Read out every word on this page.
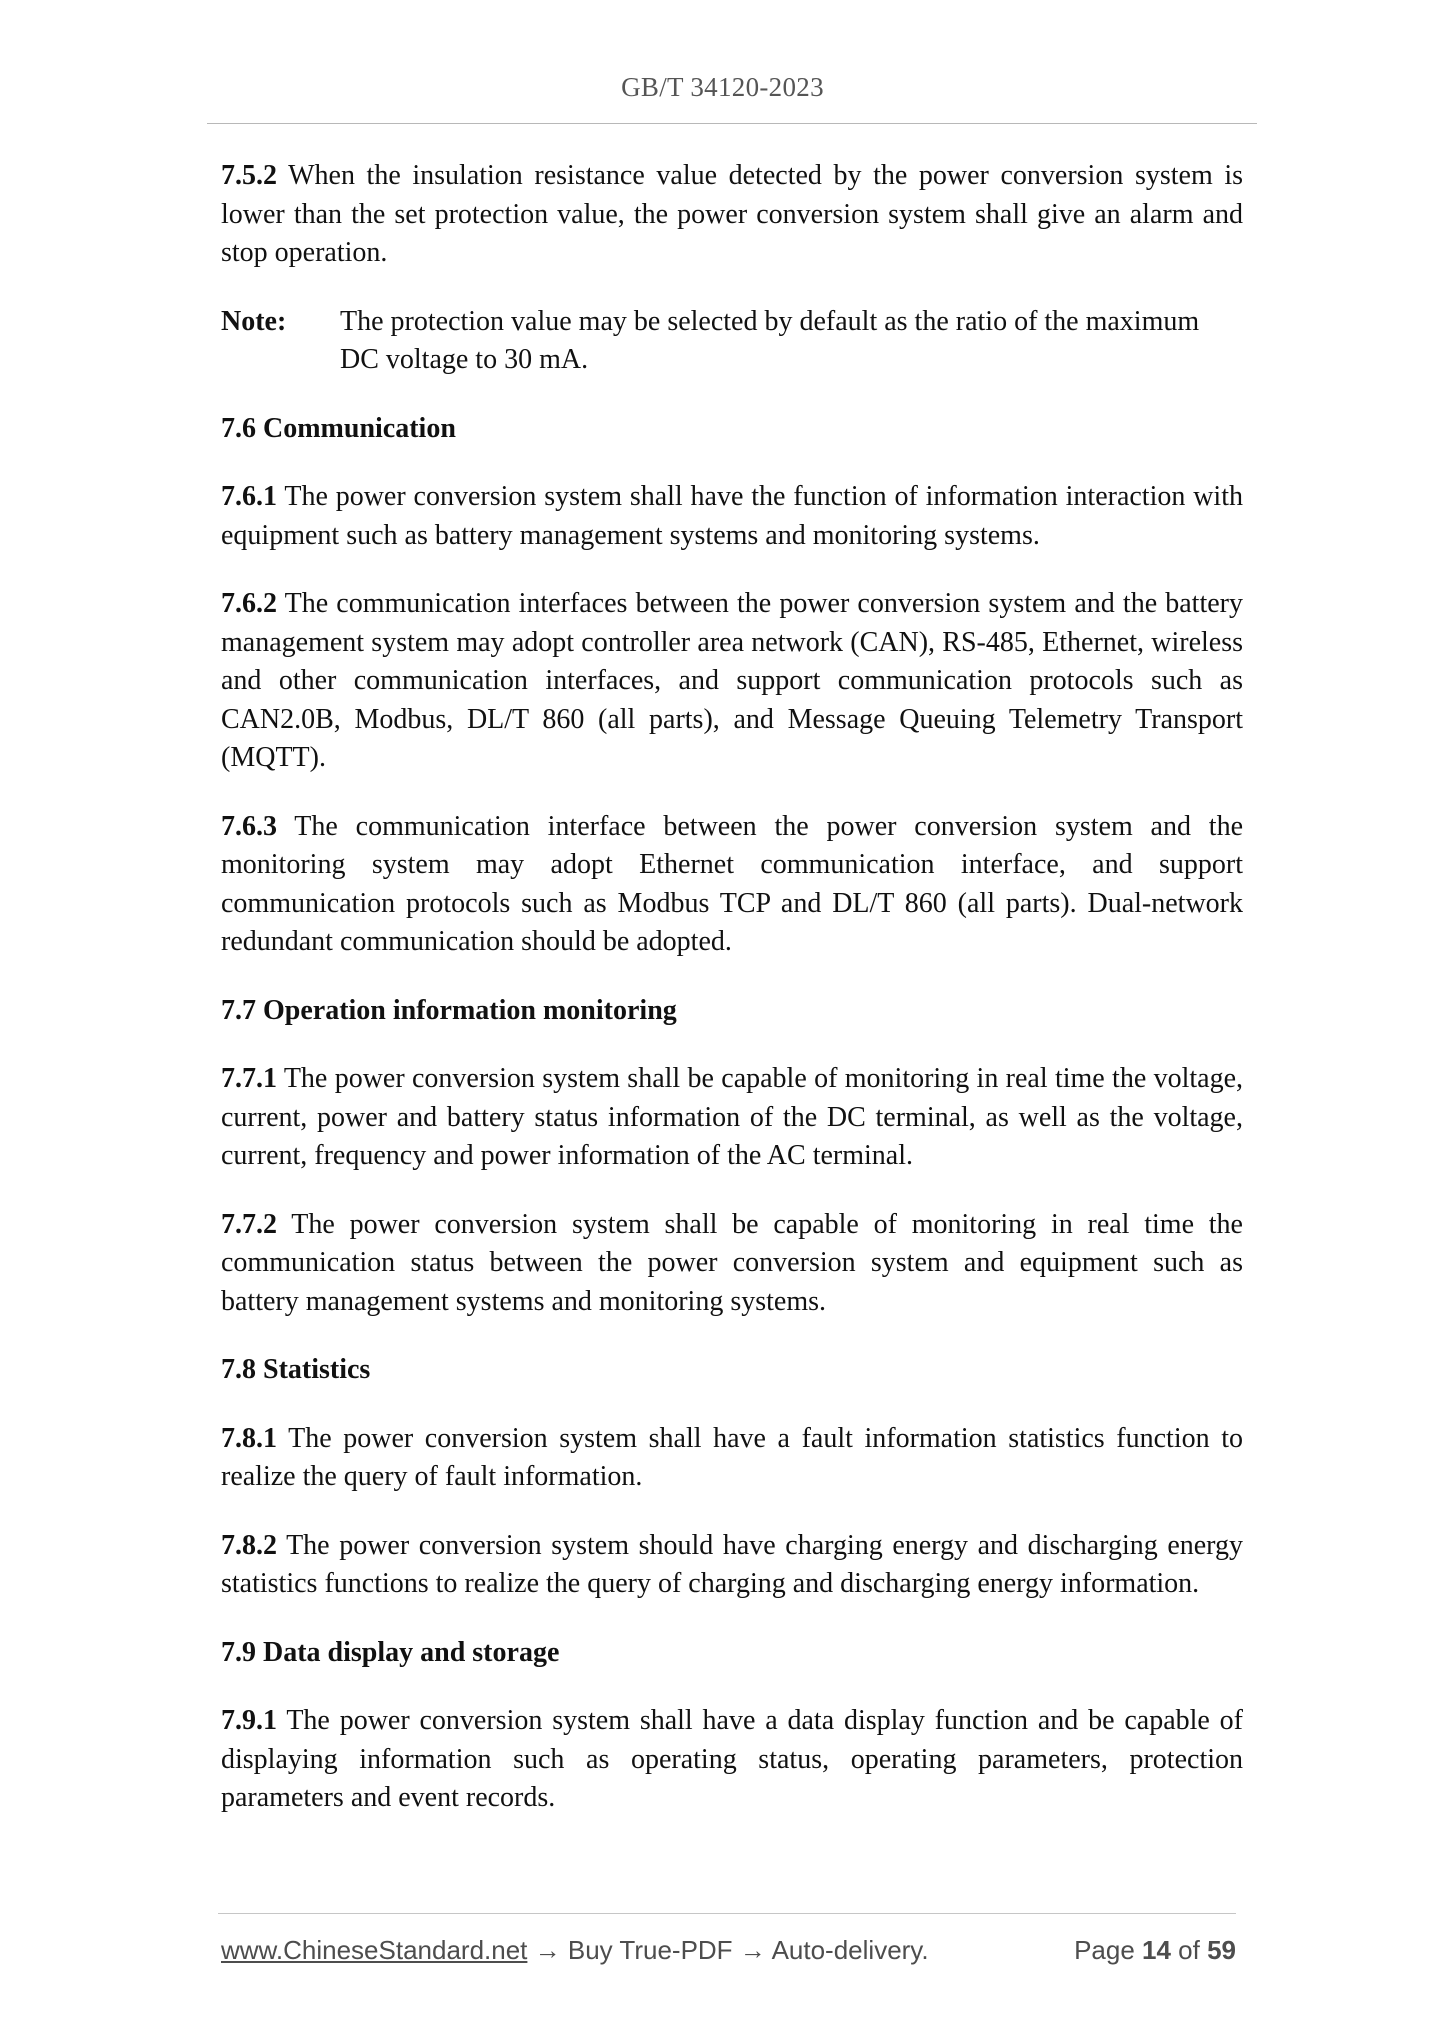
GB/T 34120-2023

7.5.2 When the insulation resistance value detected by the power conversion system is lower than the set protection value, the power conversion system shall give an alarm and stop operation.

Note:	The protection value may be selected by default as the ratio of the maximum DC voltage to 30 mA.
7.6 Communication

7.6.1 The power conversion system shall have the function of information interaction with equipment such as battery management systems and monitoring systems.

7.6.2 The communication interfaces between the power conversion system and the battery management system may adopt controller area network (CAN), RS-485, Ethernet, wireless and other communication interfaces, and support communication protocols such as CAN2.0B, Modbus, DL/T 860 (all parts), and Message Queuing Telemetry Transport (MQTT).

7.6.3 The communication interface between the power conversion system and the monitoring system may adopt Ethernet communication interface, and support communication protocols such as Modbus TCP and DL/T 860 (all parts). Dual-network redundant communication should be adopted.

7.7 Operation information monitoring

7.7.1 The power conversion system shall be capable of monitoring in real time the voltage, current, power and battery status information of the DC terminal, as well as the voltage, current, frequency and power information of the AC terminal.

7.7.2 The power conversion system shall be capable of monitoring in real time the communication status between the power conversion system and equipment such as battery management systems and monitoring systems.

7.8 Statistics

7.8.1 The power conversion system shall have a fault information statistics function to realize the query of fault information.

7.8.2 The power conversion system should have charging energy and discharging energy statistics functions to realize the query of charging and discharging energy information.

7.9 Data display and storage

7.9.1 The power conversion system shall have a data display function and be capable of displaying information such as operating status, operating parameters, protection parameters and event records.

www.ChineseStandard.net → Buy True-PDF → Auto-delivery.	Page 14 of 59
